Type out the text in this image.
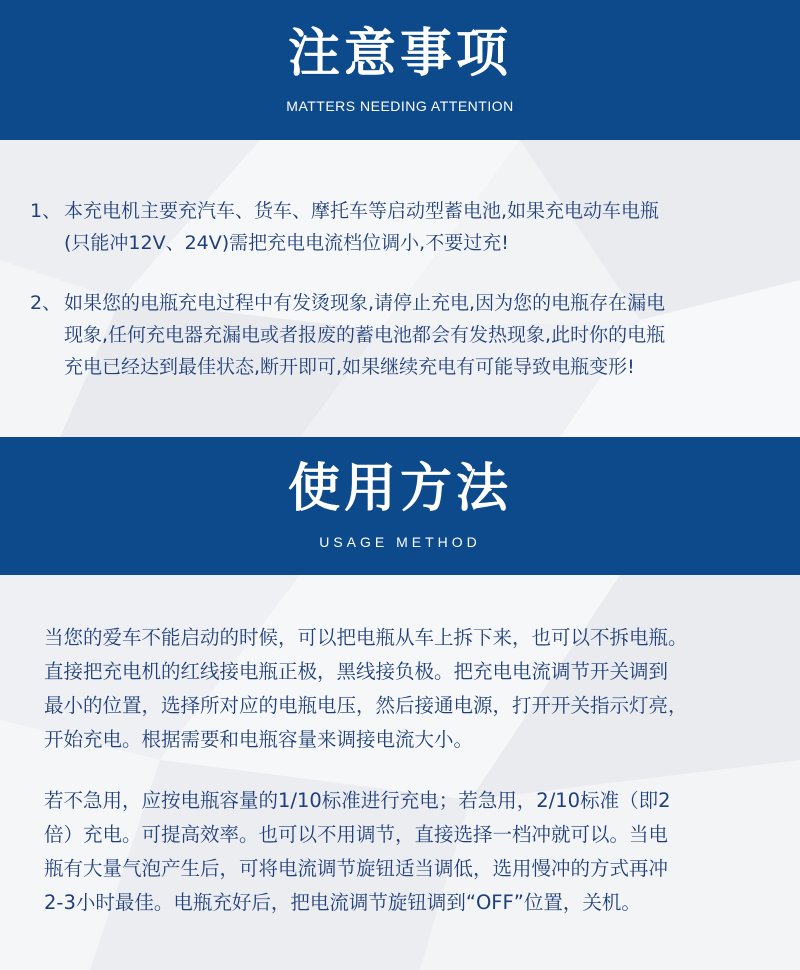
注意事项
MATTERS NEEDING ATTENTION
1、 本充电机主要充汽车、货车、摩托车等启动型蓄电池,如果充电动车电瓶
(只能冲12V、24V)需把充电电流档位调小,不要过充!
2、 如果您的电瓶充电过程中有发烫现象,请停止充电,因为您的电瓶存在漏电
现象,任何充电器充漏电或者报废的蓄电池都会有发热现象,此时你的电瓶
充电已经达到最佳状态,断开即可,如果继续充电有可能导致电瓶变形!
使用方法
USAGE METHOD
当您的爱车不能启动的时候，可以把电瓶从车上拆下来，也可以不拆电瓶。
直接把充电机的红线接电瓶正极，黑线接负极。把充电电流调节开关调到
最小的位置，选择所对应的电瓶电压，然后接通电源，打开开关指示灯亮，
开始充电。根据需要和电瓶容量来调接电流大小。
若不急用，应按电瓶容量的1/10标准进行充电；若急用，2/10标准（即2
倍）充电。可提高效率。也可以不用调节，直接选择一档冲就可以。当电
瓶有大量气泡产生后，可将电流调节旋钮适当调低，选用慢冲的方式再冲
2-3小时最佳。电瓶充好后，把电流调节旋钮调到“OFF”位置，关机。
